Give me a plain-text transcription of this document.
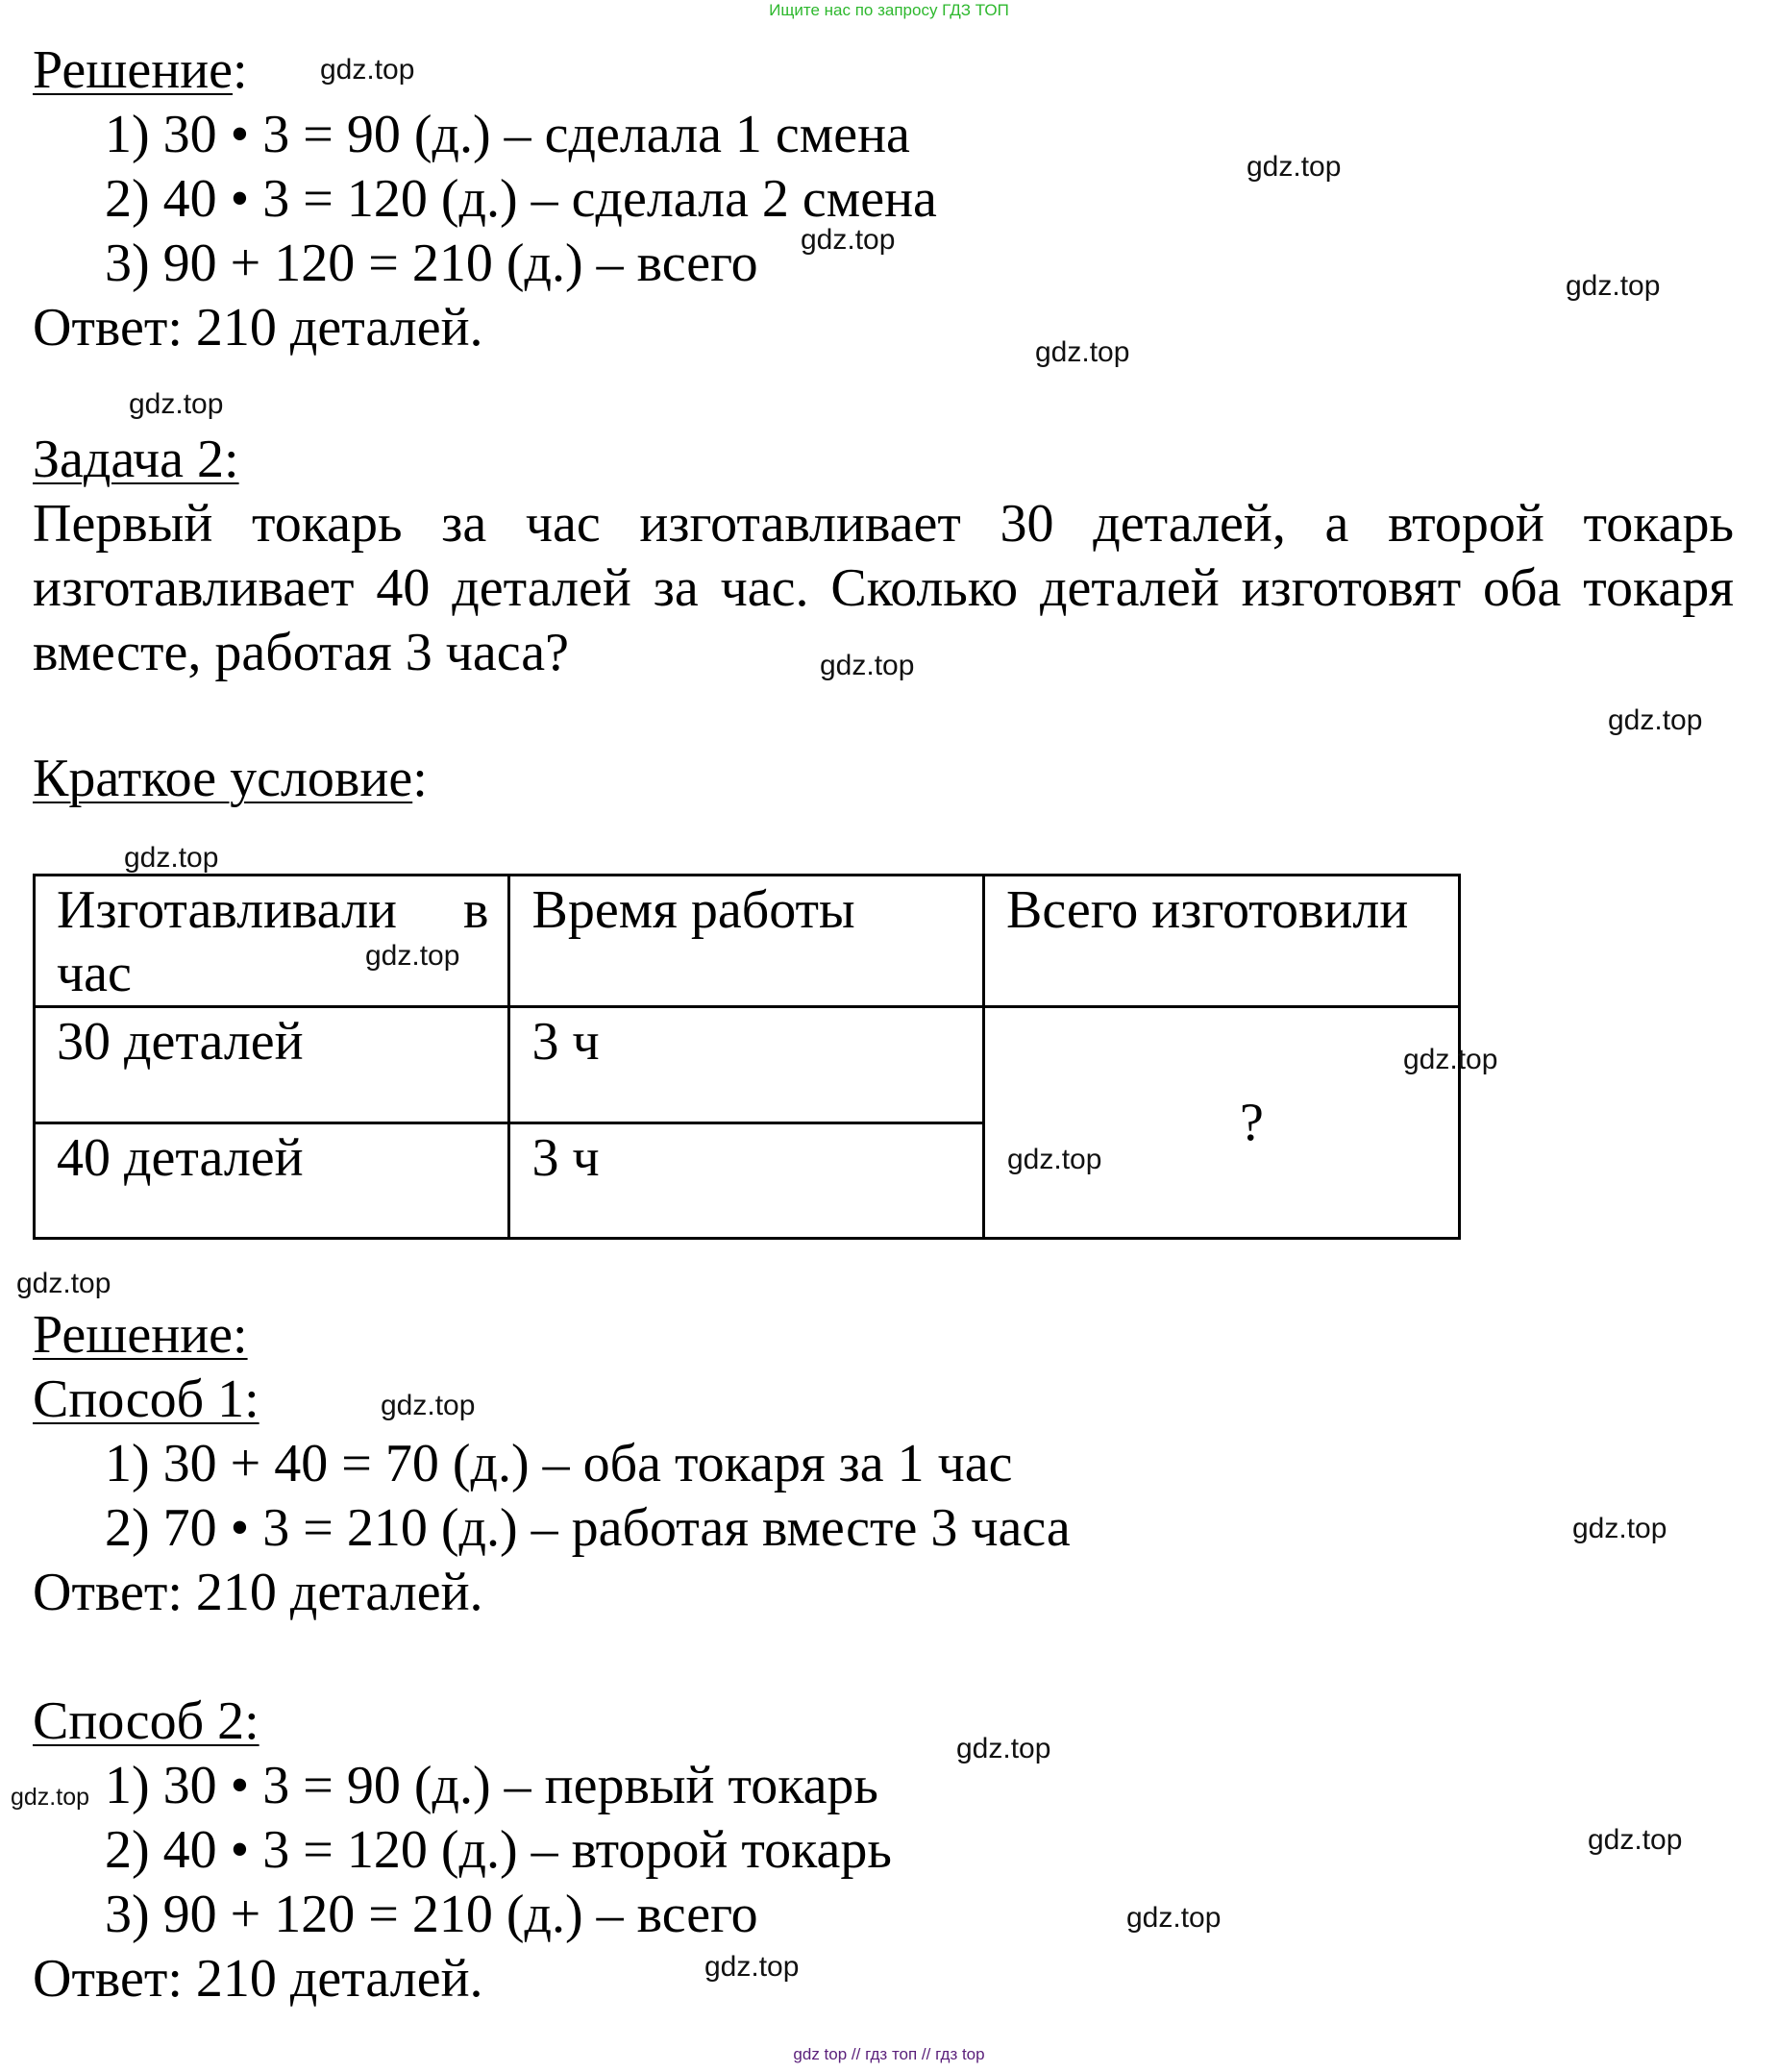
Ищите нас по запросу ГДЗ ТОП
Решение:
1) 30 • 3 = 90 (д.) – сделала 1 смена
2) 40 • 3 = 120 (д.) – сделала 2 смена
3) 90 + 120 = 210 (д.) – всего
Ответ: 210 деталей.
Задача 2:
Первый токарь за час изготавливает 30 деталей, а второй токарь изготавливает 40 деталей за час. Сколько деталей изготовят оба токаря вместе, работая 3 часа?
Краткое условие:
Изготавливали в час	Время работы	Всего изготовили
30 деталей	3 ч	?

40 деталей	3 ч	
Решение:
Способ 1:
1) 30 + 40 = 70 (д.) – оба токаря за 1 час
2) 70 • 3 = 210 (д.) – работая вместе 3 часа
Ответ: 210 деталей.
Способ 2:
1) 30 • 3 = 90 (д.) – первый токарь
2) 40 • 3 = 120 (д.) – второй токарь
3) 90 + 120 = 210 (д.) – всего
Ответ: 210 деталей.
gdz.top
gdz.top
gdz.top
gdz.top
gdz.top
gdz.top
gdz.top
gdz.top
gdz.top
gdz.top
gdz.top
gdz.top
gdz.top
gdz.top
gdz.top
gdz.top
gdz.top
gdz.top
gdz.top
gdz.top
gdz top // гдз топ // гдз top
